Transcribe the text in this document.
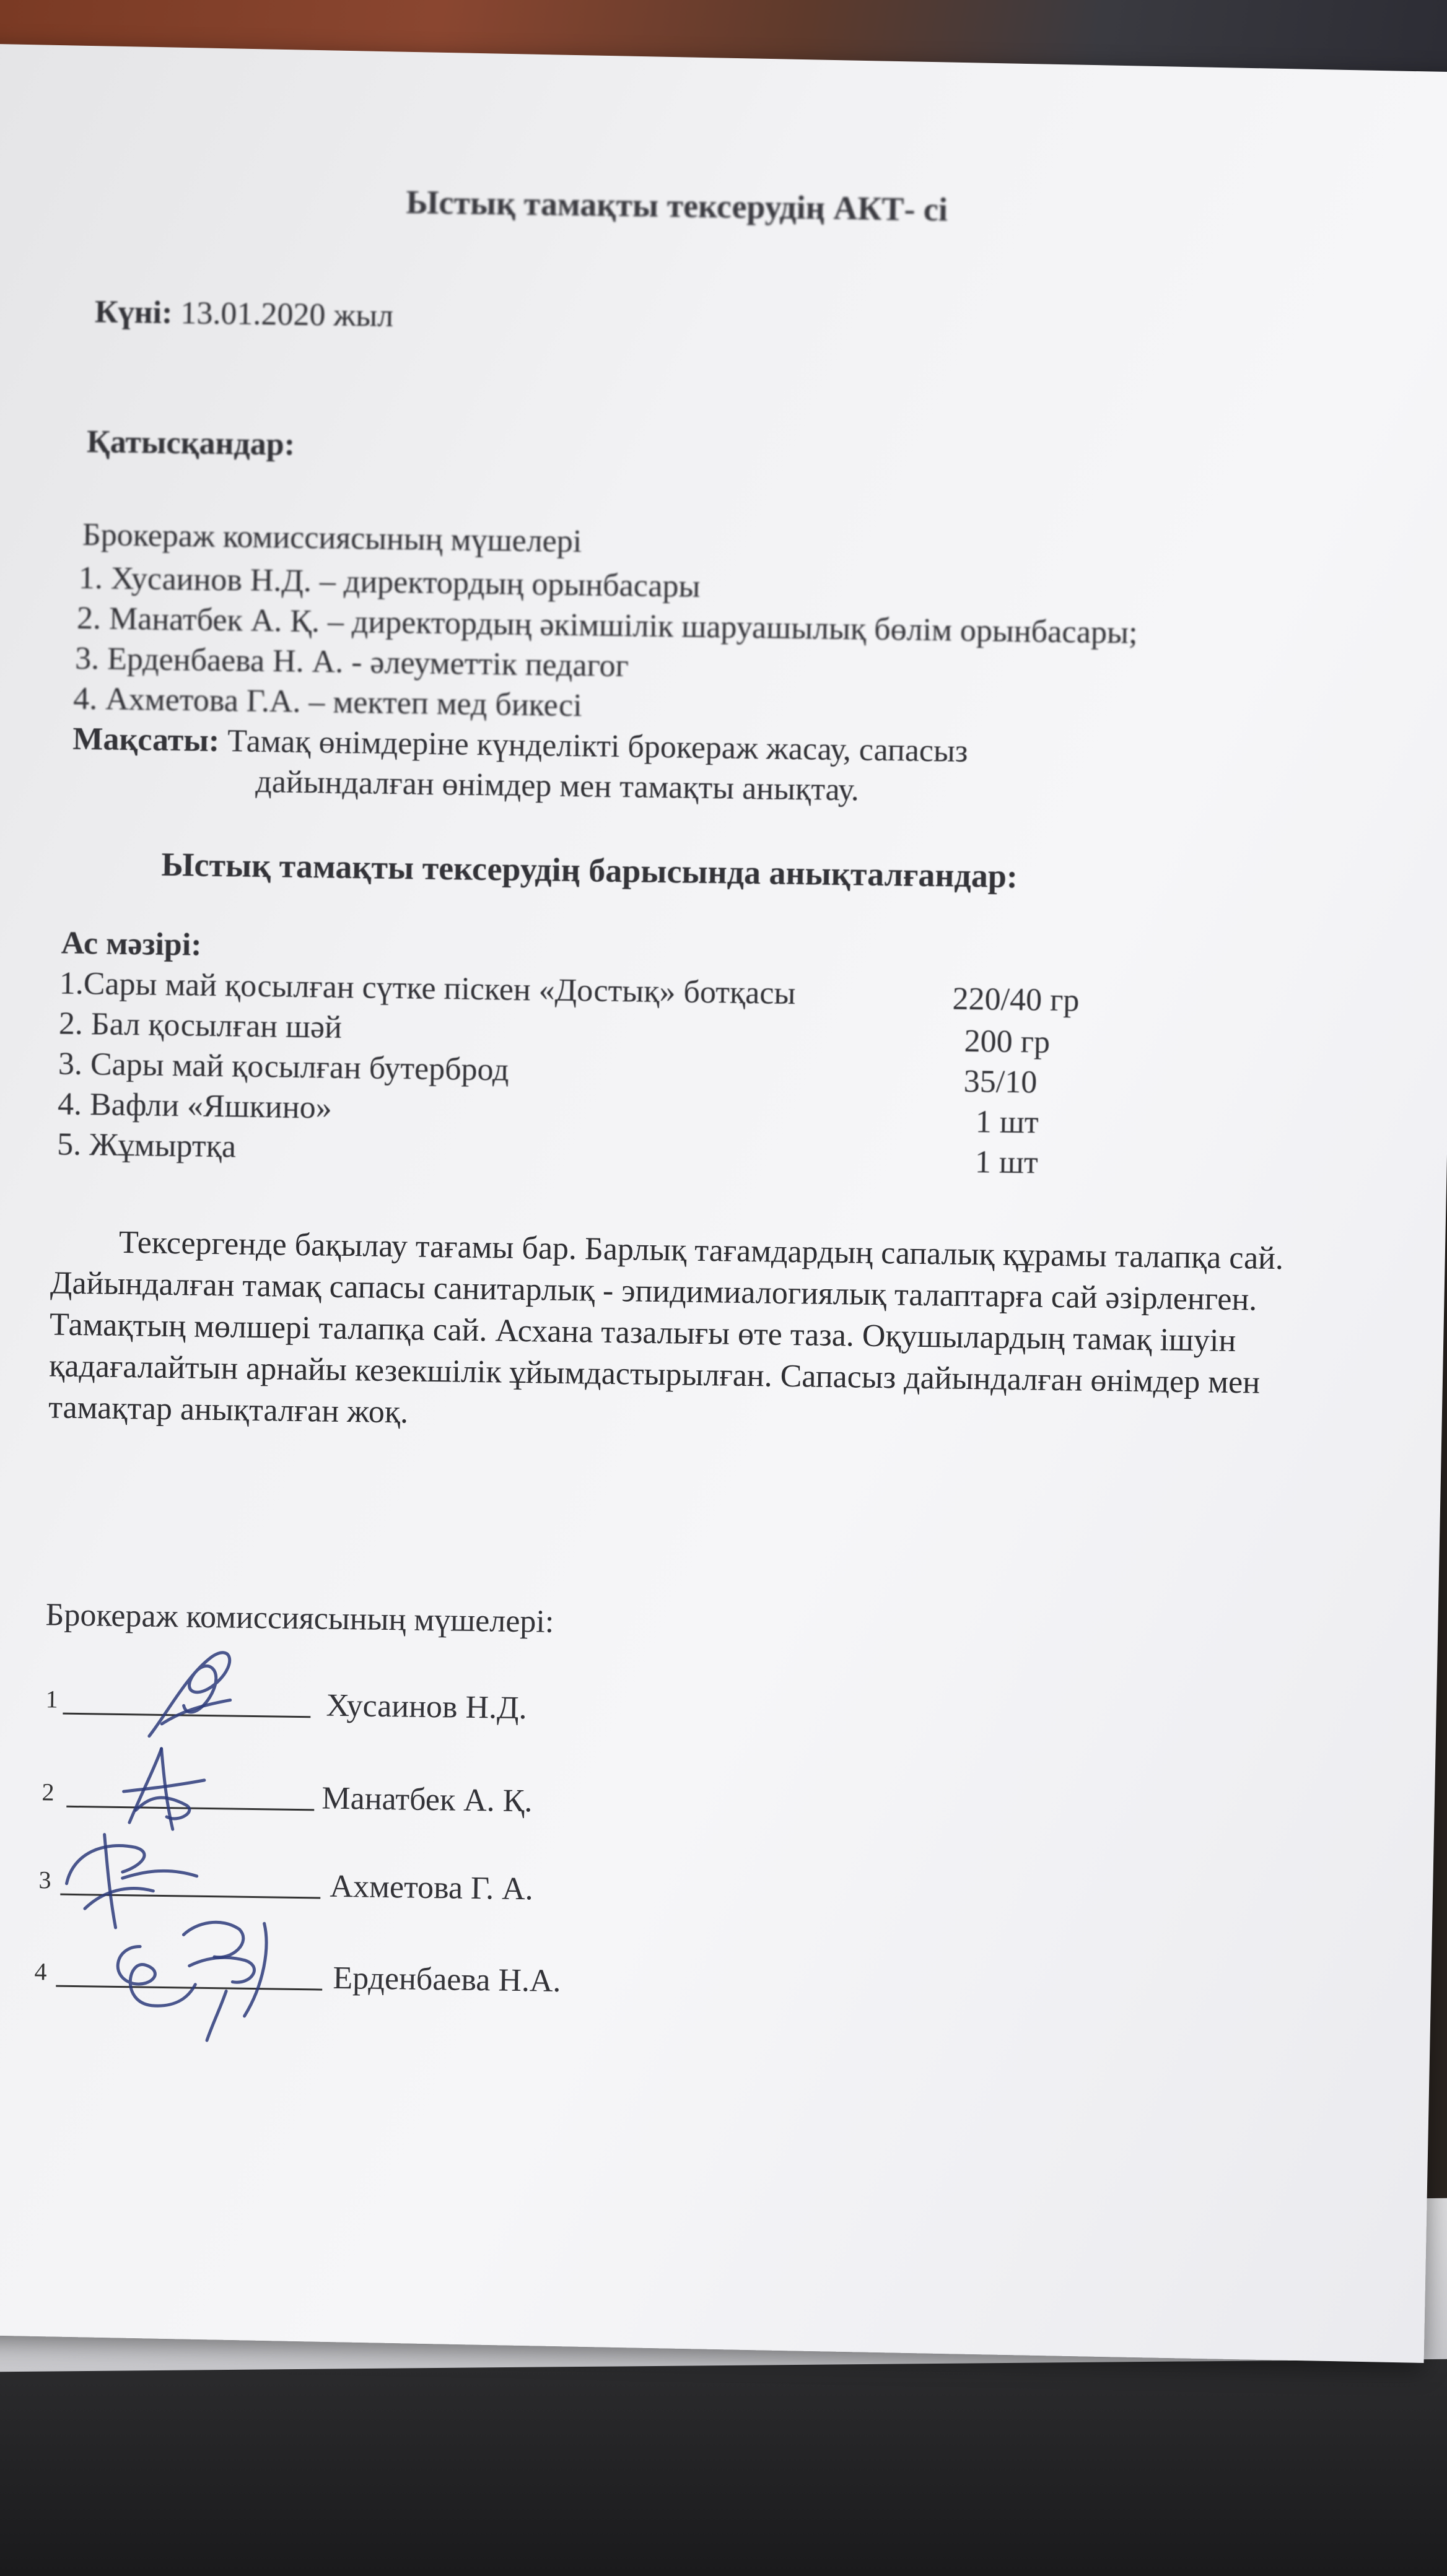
Ыстық тамақты тексерудің АКТ- сі
Күні: 13.01.2020 жыл
Қатысқандар:
Брокераж комиссиясының мүшелері
1. Хусаинов Н.Д. – директордың орынбасары
2. Манатбек А. Қ. – директордың әкімшілік шаруашылық бөлім орынбасары;
3. Ерденбаева Н. А. - әлеуметтік педагог
4. Ахметова Г.А. – мектеп мед бикесі
Мақсаты: Тамақ өнімдеріне күнделікті брокераж жасау, сапасыз
дайындалған өнімдер мен тамақты анықтау.
Ыстық тамақты тексерудің барысында анықталғандар:
Ас мәзірі:
1.Сары май қосылған сүтке піскен «Достық» ботқасы	220/40 гр
2. Бал қосылған шәй	200 гр
3. Сары май қосылған бутерброд	35/10
4. Вафли «Яшкино»	1 шт
5. Жұмыртқа	1 шт
Тексергенде бақылау тағамы бар. Барлық тағамдардың сапалық құрамы талапқа сай. Дайындалған тамақ сапасы санитарлық - эпидимиалогиялық талаптарға сай әзірленген. Тамақтың мөлшері талапқа сай. Асхана тазалығы өте таза. Оқушылардың тамақ ішуін қадағалайтын арнайы кезекшілік ұйымдастырылған. Сапасыз дайындалған өнімдер мен тамақтар анықталған жоқ.
Брокераж комиссиясының мүшелері:
1	Хусаинов Н.Д.
2	Манатбек А. Қ.
3	Ахметова Г. А.
4	Ерденбаева Н.А.
